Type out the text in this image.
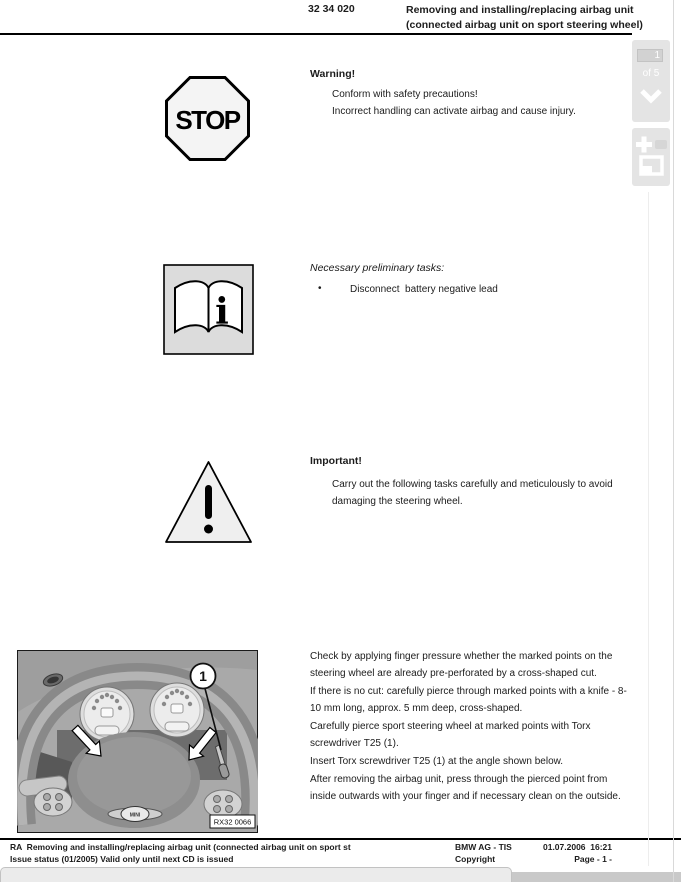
32 34 020	Removing and installing/replacing airbag unit
(connected airbag unit on sport steering wheel)
STOP
Warning!
Conform with safety precautions!
Incorrect handling can activate airbag and cause injury.
i
Necessary preliminary tasks:
•	Disconnect  battery negative lead
Important!
Carry out the following tasks carefully and meticulously to avoid damaging the steering wheel.
MINI
1
RX32 0066

Check by applying finger pressure whether the marked points on the steering wheel are already pre-perforated by a cross-shaped cut.

If there is no cut: carefully pierce through marked points with a knife - 8-10 mm long, approx. 5 mm deep, cross-shaped.

Carefully pierce sport steering wheel at marked points with Torx screwdriver T25 (1).

Insert Torx screwdriver T25 (1) at the angle shown below.

After removing the airbag unit, press through the pierced point from inside outwards with your finger and if necessary clean on the outside.

RA  Removing and installing/replacing airbag unit (connected airbag unit on sport st
Issue status (01/2005) Valid only until next CD is issued
BMW AG - TIS
Copyright
01.07.2006  16:21
Page - 1 -
1
of 5
